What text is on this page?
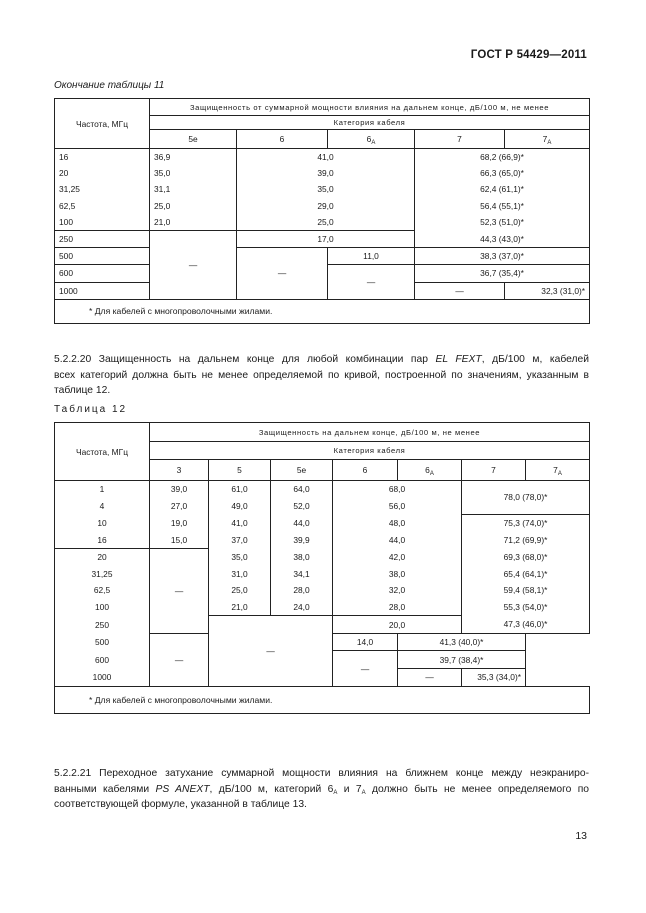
ГОСТ Р 54429—2011
Окончание таблицы 11
Частота, МГц	Защищенность от суммарной мощности влияния на дальнем конце, дБ/100 м, не менее				
	Категория кабеля				
	5е	6	$6_A$	7	$7_A$
16	36,9	41,0		68,2 (66,9)*	
20	35,0	39,0		66,3 (65,0)*	
31,25	31,1	35,0		62,4 (61,1)*	
62,5	25,0	29,0		56,4 (55,1)*	
100	21,0	25,0		52,3 (51,0)*	
250	—	17,0		44,3 (43,0)*	
500		—	11,0	38,3 (37,0)*	
600			—	36,7 (35,4)*	
1000				—	32,3 (31,0)*
* Для кабелей с многопроволочными жилами.					
5.2.2.20 Защищенность на дальнем конце для любой комбинации пар EL FEXT, дБ/100 м, кабелей
всех категорий должна быть не менее определяемой по кривой, построенной по значениям, указанным в
таблице 12.
Таблица 12
Частота, МГц	Защищенность на дальнем конце, дБ/100 м, не менее						
	Категория кабеля						
	3	5	5е	6	$6_A$	7	$7_A$
1	39,0	61,0	64,0	68,0		78,0 (78,0)*	
4	27,0	49,0	52,0	56,0			
10	19,0	41,0	44,0	48,0		75,3 (74,0)*	
16	15,0	37,0	39,9	44,0		71,2 (69,9)*	
20	—	35,0	38,0	42,0		69,3 (68,0)*	
31,25		31,0	34,1	38,0		65,4 (64,1)*	
62,5		25,0	28,0	32,0		59,4 (58,1)*	
100		21,0	24,0	28,0		55,3 (54,0)*	
250		—		20,0		47,3 (46,0)*	
500	—			14,0	41,3 (40,0)*		
600				—	39,7 (38,4)*		
1000					—	35,3 (34,0)*	
* Для кабелей с многопроволочными жилами.							
5.2.2.21 Переходное затухание суммарной мощности влияния на ближнем конце между неэкраниро-
ванными кабелями PS ANEXT, дБ/100 м, категорий $6_A$ и $7_A$ должно быть не менее определяемого по
соответствующей формуле, указанной в таблице 13.
13
